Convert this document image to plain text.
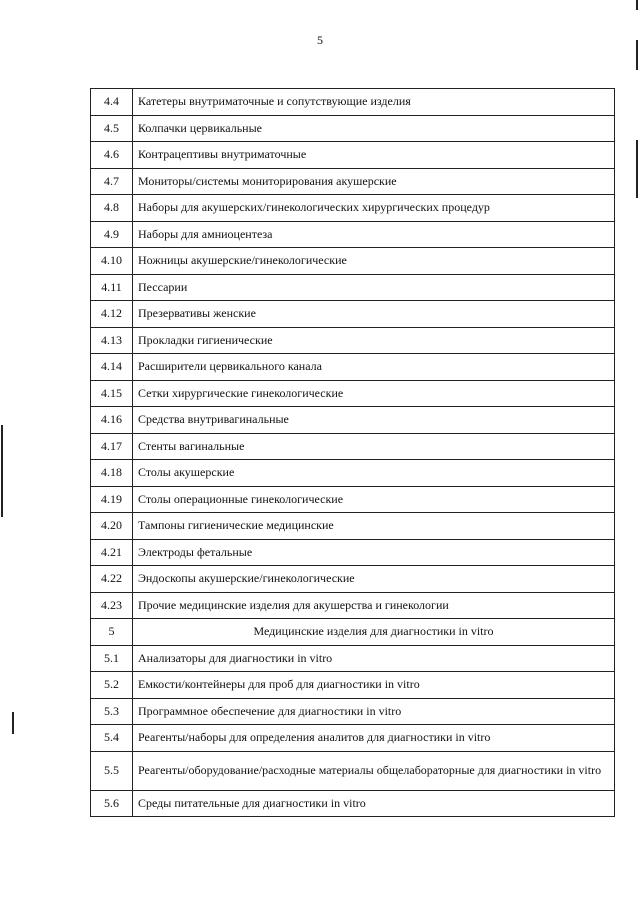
5
4.4	Катетеры внутриматочные и сопутствующие изделия
4.5	Колпачки цервикальные
4.6	Контрацептивы внутриматочные
4.7	Мониторы/системы мониторирования акушерские
4.8	Наборы для акушерских/гинекологических хирургических процедур
4.9	Наборы для амниоцентеза
4.10	Ножницы акушерские/гинекологические
4.11	Пессарии
4.12	Презервативы женские
4.13	Прокладки гигиенические
4.14	Расширители цервикального канала
4.15	Сетки хирургические гинекологические
4.16	Средства внутривагинальные
4.17	Стенты вагинальные
4.18	Столы акушерские
4.19	Столы операционные гинекологические
4.20	Тампоны гигиенические медицинские
4.21	Электроды фетальные
4.22	Эндоскопы акушерские/гинекологические
4.23	Прочие медицинские изделия для акушерства и гинекологии
5	Медицинские изделия для диагностики in vitro
5.1	Анализаторы для диагностики in vitro
5.2	Емкости/контейнеры для проб для диагностики in vitro
5.3	Программное обеспечение для диагностики in vitro
5.4	Реагенты/наборы для определения аналитов для диагностики in vitro
5.5	Реагенты/оборудование/расходные материалы общелабораторные для диагностики in vitro
5.6	Среды питательные для диагностики in vitro
